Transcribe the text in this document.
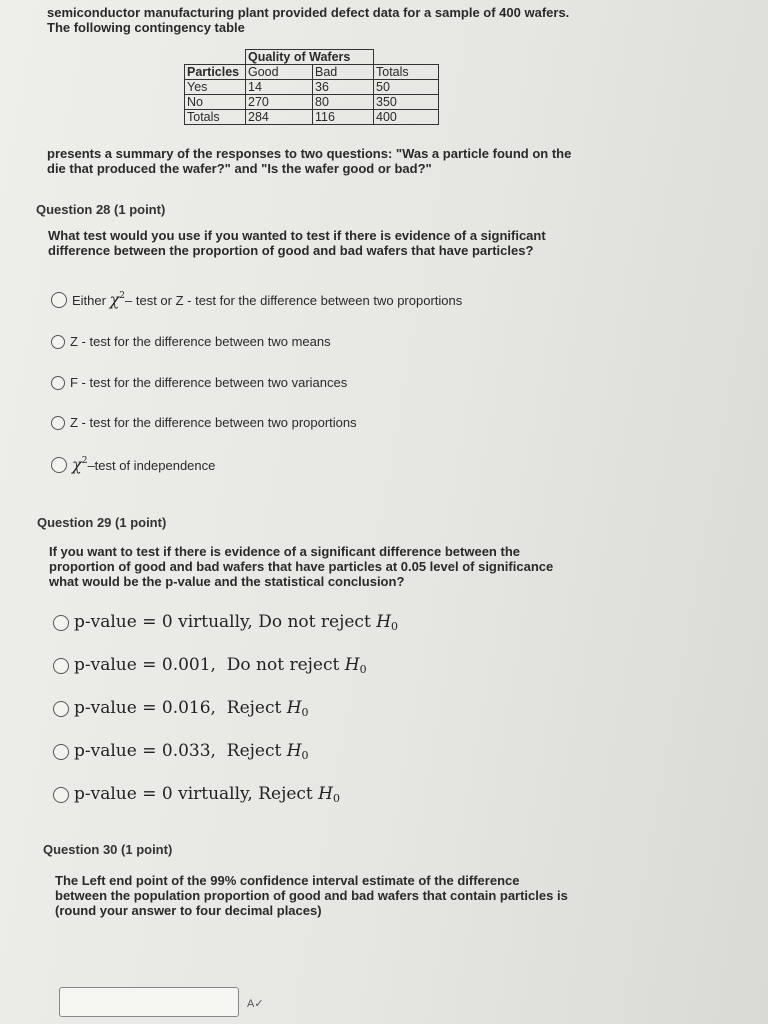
semiconductor manufacturing plant provided defect data for a sample of 400 wafers.
The following contingency table
	Quality of Wafers		
Particles	Good	Bad	Totals
Yes	14	36	50
No	270	80	350
Totals	284	116	400
presents a summary of the responses to two questions: "Was a particle found on the
die that produced the wafer?" and "Is the wafer good or bad?"
Question 28 (1 point)
What test would you use if you wanted to test if there is evidence of a significant
difference between the proportion of good and bad wafers that have particles?
Either $\chi^2-$ test or Z - test for the difference between two proportions
Z - test for the difference between two means
F - test for the difference between two variances
Z - test for the difference between two proportions
$\chi^2$–test of independence
Question 29 (1 point)
If you want to test if there is evidence of a significant difference between the
proportion of good and bad wafers that have particles at 0.05 level of significance
what would be the p-value and the statistical conclusion?
p-value = 0 virtually, Do not reject $H_0$
p-value = 0.001, Do not reject $H_0$
p-value = 0.016, Reject $H_0$
p-value = 0.033, Reject $H_0$
p-value = 0 virtually, Reject $H_0$
Question 30 (1 point)
The Left end point of the 99% confidence interval estimate of the difference
between the population proportion of good and bad wafers that contain particles is
(round your answer to four decimal places)
A✓
